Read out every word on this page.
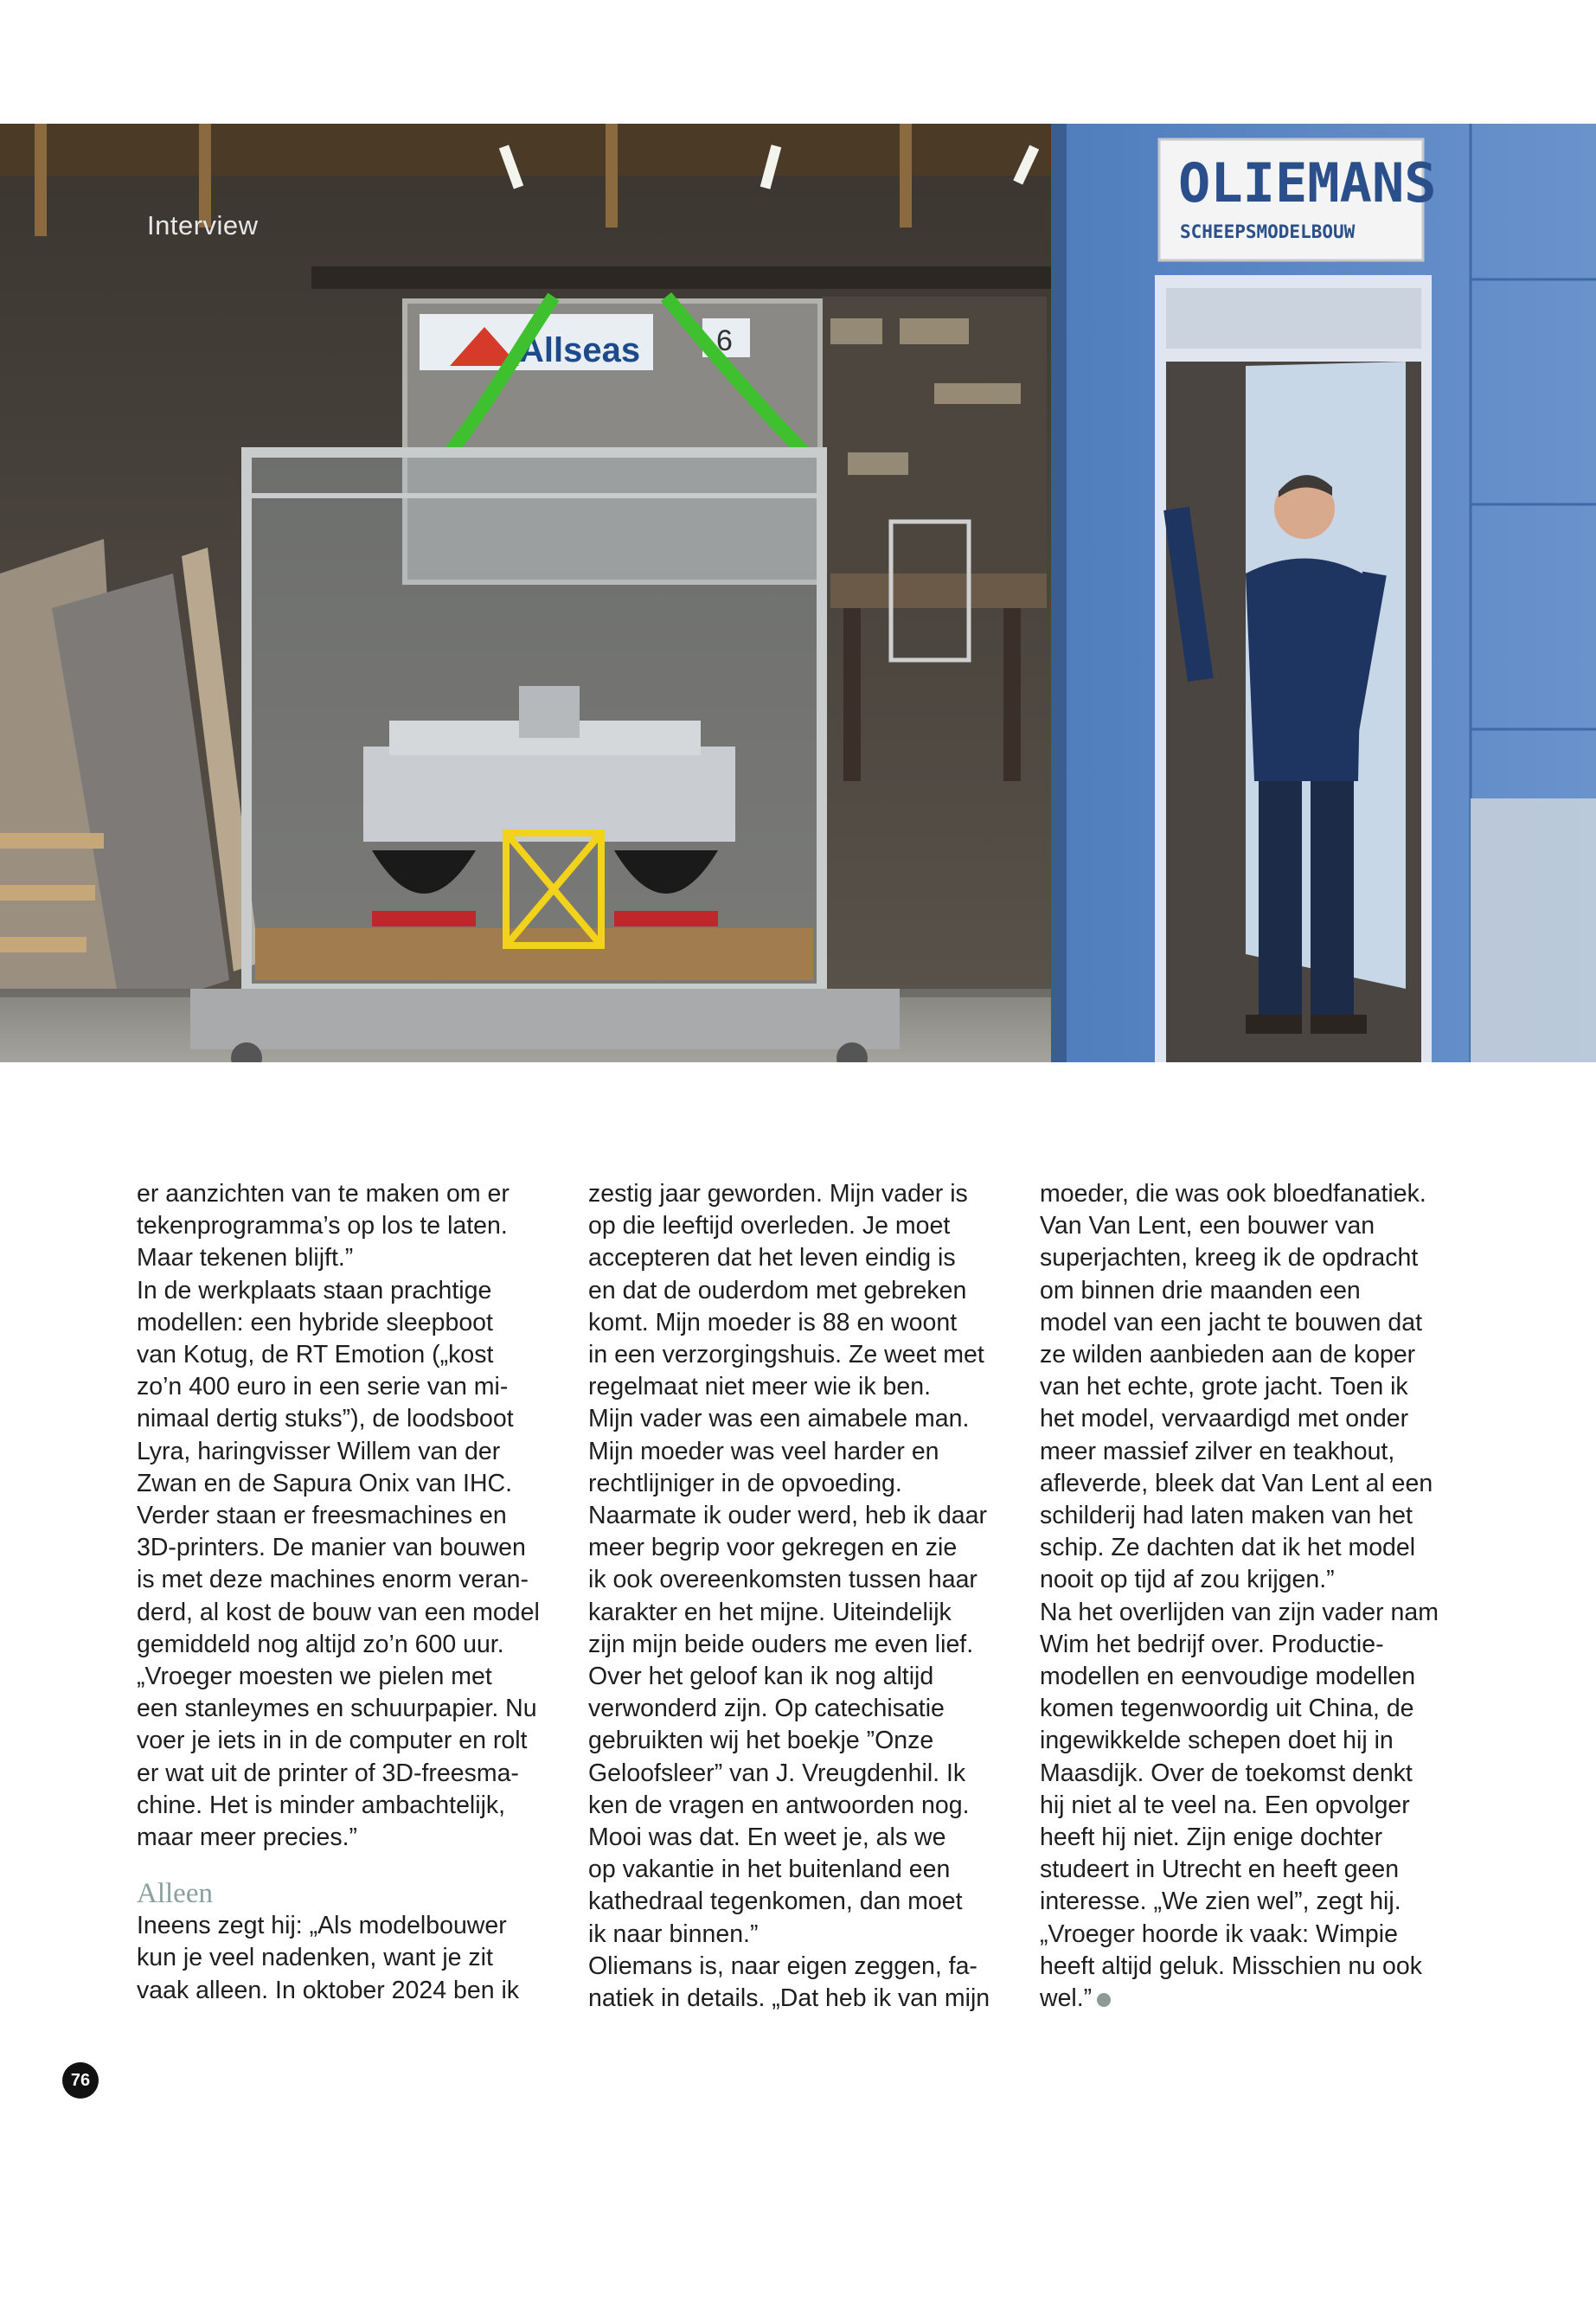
Allseas	6
OLIEMANS
SCHEEPSMODELBOUW
Interview

er aanzichten van te maken om er
tekenprogramma’s op los te laten.
Maar tekenen blijft.”

In de werkplaats staan prachtige
modellen: een hybride sleepboot
van Kotug, de RT Emotion („kost
zo’n 400 euro in een serie van mi-
nimaal dertig stuks”), de loodsboot
Lyra, haringvisser Willem van der
Zwan en de Sapura Onix van IHC.
Verder staan er freesmachines en
3D-printers. De manier van bouwen
is met deze machines enorm veran-
derd, al kost de bouw van een model
gemiddeld nog altijd zo’n 600 uur.
„Vroeger moesten we pielen met
een stanleymes en schuurpapier. Nu
voer je iets in in de computer en rolt
er wat uit de printer of 3D-freesma-
chine. Het is minder ambachtelijk,
maar meer precies.”

Alleen

Ineens zegt hij: „Als modelbouwer
kun je veel nadenken, want je zit
vaak alleen. In oktober 2024 ben ik

zestig jaar geworden. Mijn vader is
op die leeftijd overleden. Je moet
accepteren dat het leven eindig is
en dat de ouderdom met gebreken
komt. Mijn moeder is 88 en woont
in een verzorgingshuis. Ze weet met
regelmaat niet meer wie ik ben.
Mijn vader was een aimabele man.
Mijn moeder was veel harder en
rechtlijniger in de opvoeding.
Naarmate ik ouder werd, heb ik daar
meer begrip voor gekregen en zie
ik ook overeenkomsten tussen haar
karakter en het mijne. Uiteindelijk
zijn mijn beide ouders me even lief.
Over het geloof kan ik nog altijd
verwonderd zijn. Op catechisatie
gebruikten wij het boekje ”Onze
Geloofsleer” van J. Vreugdenhil. Ik
ken de vragen en antwoorden nog.
Mooi was dat. En weet je, als we
op vakantie in het buitenland een
kathedraal tegenkomen, dan moet
ik naar binnen.”

Oliemans is, naar eigen zeggen, fa-
natiek in details. „Dat heb ik van mijn

moeder, die was ook bloedfanatiek.
Van Van Lent, een bouwer van
superjachten, kreeg ik de opdracht
om binnen drie maanden een
model van een jacht te bouwen dat
ze wilden aanbieden aan de koper
van het echte, grote jacht. Toen ik
het model, vervaardigd met onder
meer massief zilver en teakhout,
afleverde, bleek dat Van Lent al een
schilderij had laten maken van het
schip. Ze dachten dat ik het model
nooit op tijd af zou krijgen.”

Na het overlijden van zijn vader nam
Wim het bedrijf over. Productie-
modellen en eenvoudige modellen
komen tegenwoordig uit China, de
ingewikkelde schepen doet hij in
Maasdijk. Over de toekomst denkt
hij niet al te veel na. Een opvolger
heeft hij niet. Zijn enige dochter
studeert in Utrecht en heeft geen
interesse. „We zien wel”, zegt hij.
„Vroeger hoorde ik vaak: Wimpie
heeft altijd geluk. Misschien nu ook
wel.”

76
